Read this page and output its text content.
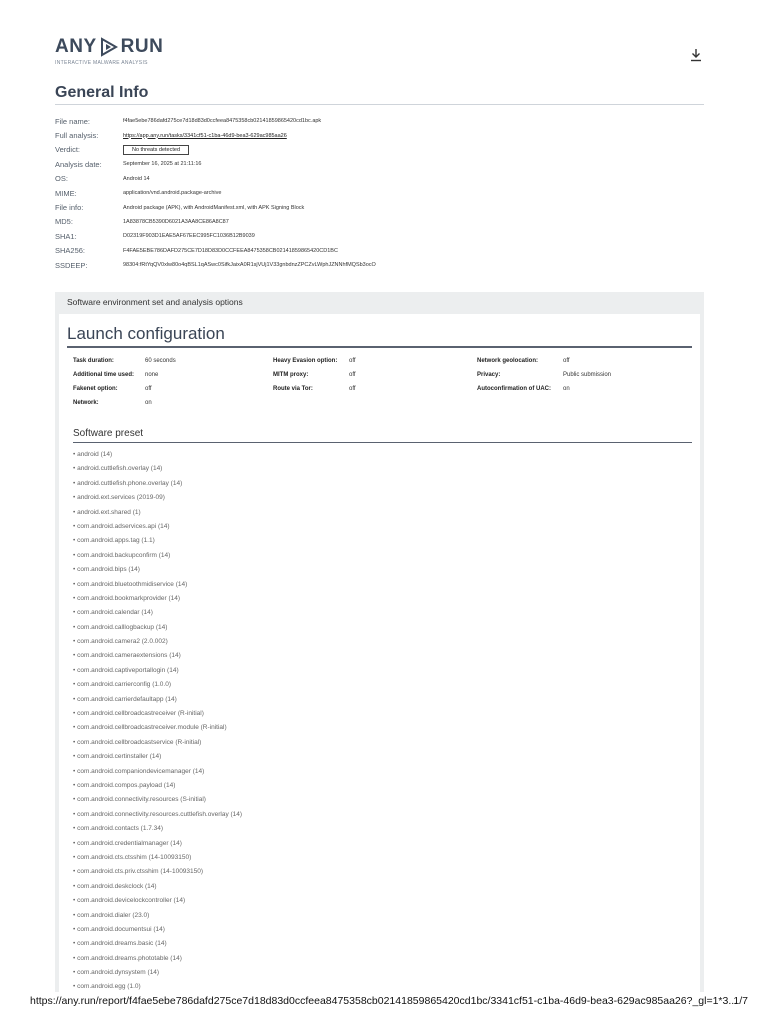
ANY RUN
INTERACTIVE MALWARE ANALYSIS
General Info
File name:	f4fae5ebe786dafd275ce7d18d83d0ccfeea8475358cb02141859865420cd1bc.apk
Full analysis:	https://app.any.run/tasks/3341cf51-c1ba-46d9-bea3-629ac985aa26
Verdict:	No threats detected
Analysis date:	September 16, 2025 at 21:11:16
OS:	Android 14
MIME:	application/vnd.android.package-archive
File info:	Android package (APK), with AndroidManifest.xml, with APK Signing Block
MD5:	1A83878CB5390D6021A3AA8CE86A8C87
SHA1:	D02319F903D1EAE5AF67EEC995FC1036B12B9039
SHA256:	F4FAE5EBE786DAFD275CE7D18D83D0CCFEEA8475358CB02141859865420CD1BC
SSDEEP:	98304:fRtYqQV0xlw80o4qBSL1qASwc0SifkJaixA0R1sjVUj1V33gnbdnzZPCZvLWphJZNNhfMQSb3ocO
Software environment set and analysis options
Launch configuration
Task duration:	60 seconds	Heavy Evasion option:	off	Network geolocation:	off
Additional time used:	none	MITM proxy:	off	Privacy:	Public submission
Fakenet option:	off	Route via Tor:	off	Autoconfirmation of UAC:	on
Network:	on
Software preset
• android (14)
• android.cuttlefish.overlay (14)
• android.cuttlefish.phone.overlay (14)
• android.ext.services (2019-09)
• android.ext.shared (1)
• com.android.adservices.api (14)
• com.android.apps.tag (1.1)
• com.android.backupconfirm (14)
• com.android.bips (14)
• com.android.bluetoothmidiservice (14)
• com.android.bookmarkprovider (14)
• com.android.calendar (14)
• com.android.calllogbackup (14)
• com.android.camera2 (2.0.002)
• com.android.cameraextensions (14)
• com.android.captiveportallogin (14)
• com.android.carrierconfig (1.0.0)
• com.android.carrierdefaultapp (14)
• com.android.cellbroadcastreceiver (R-initial)
• com.android.cellbroadcastreceiver.module (R-initial)
• com.android.cellbroadcastservice (R-initial)
• com.android.certinstaller (14)
• com.android.companiondevicemanager (14)
• com.android.compos.payload (14)
• com.android.connectivity.resources (S-initial)
• com.android.connectivity.resources.cuttlefish.overlay (14)
• com.android.contacts (1.7.34)
• com.android.credentialmanager (14)
• com.android.cts.ctsshim (14-10093150)
• com.android.cts.priv.ctsshim (14-10093150)
• com.android.deskclock (14)
• com.android.devicelockcontroller (14)
• com.android.dialer (23.0)
• com.android.documentsui (14)
• com.android.dreams.basic (14)
• com.android.dreams.phototable (14)
• com.android.dynsystem (14)
• com.android.egg (1.0)
https://any.run/report/f4fae5ebe786dafd275ce7d18d83d0ccfeea8475358cb02141859865420cd1bc/3341cf51-c1ba-46d9-bea3-629ac985aa26?_gl=1*3...
1/7
